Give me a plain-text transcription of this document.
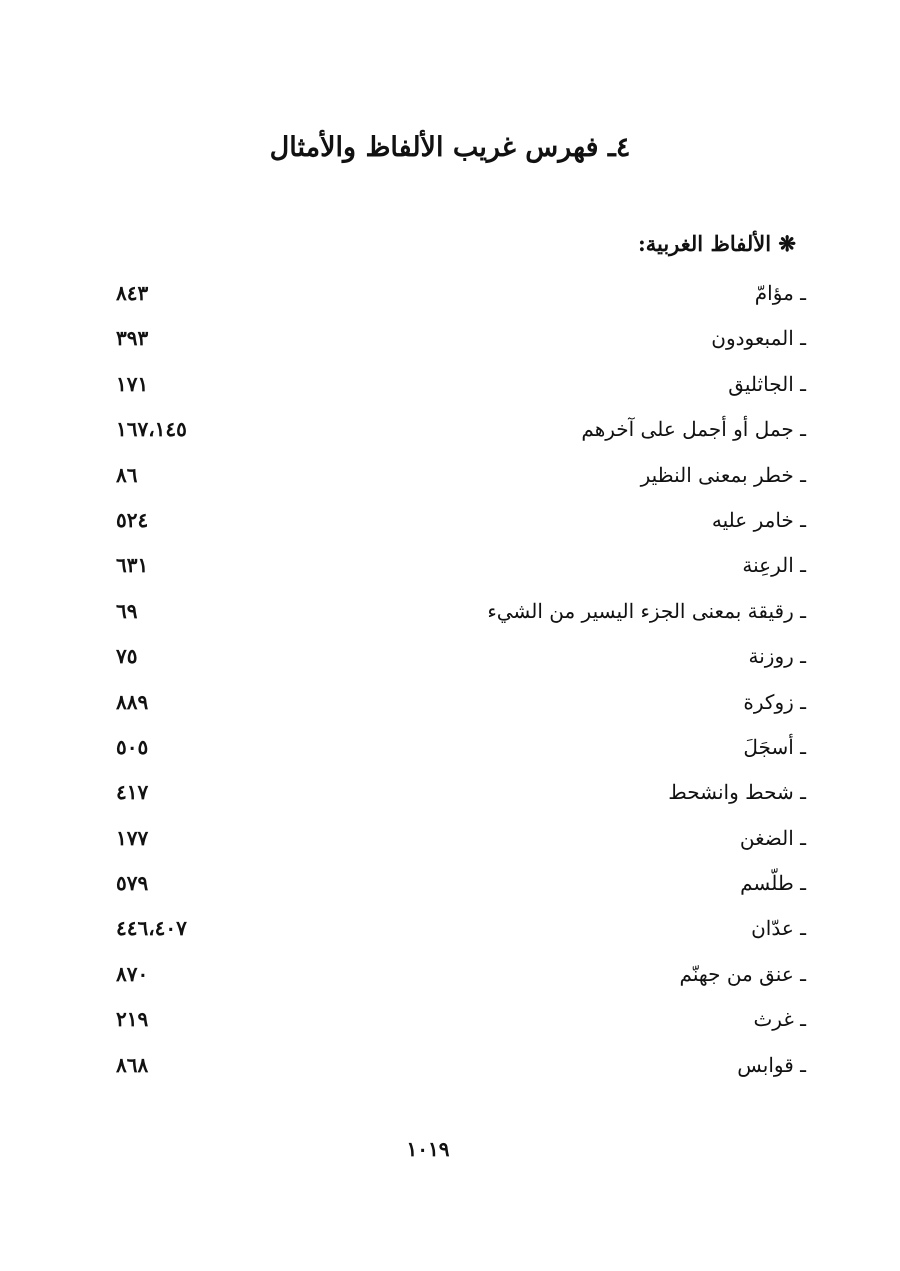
٤ـ فهرس غريب الألفاظ والأمثال
❋ الألفاظ الغربية:
ـ مؤامّ
٨٤٣
ـ المبعودون
٣٩٣
ـ الجاثليق
١٧١
ـ جمل أو أجمل على آخرهم
١٦٧،١٤٥
ـ خطر بمعنى النظير
٨٦
ـ خامر عليه
٥٢٤
ـ الرعِنة
٦٣١
ـ رقيقة بمعنى الجزء اليسير من الشيء
٦٩
ـ روزنة
٧٥
ـ زوكرة
٨٨٩
ـ أسجَلَ
٥٠٥
ـ شحط وانشحط
٤١٧
ـ الضغن
١٧٧
ـ طلّسم
٥٧٩
ـ عدّان
٤٤٦،٤٠٧
ـ عنق من جهنّم
٨٧٠
ـ غرث
٢١٩
ـ قوابس
٨٦٨
١٠١٩
